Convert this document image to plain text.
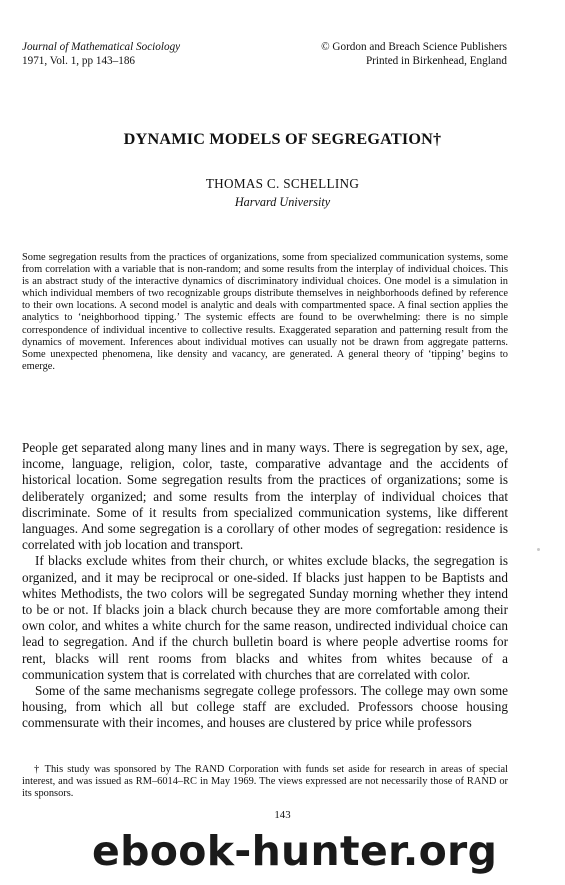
Journal of Mathematical Sociology
1971, Vol. 1, pp 143–186
© Gordon and Breach Science Publishers
Printed in Birkenhead, England
DYNAMIC MODELS OF SEGREGATION†
THOMAS C. SCHELLING
Harvard University

Some segregation results from the practices of organizations, some from specialized communication systems, some from correlation with a variable that is non-random; and some results from the interplay of individual choices. This is an abstract study of the interactive dynamics of discriminatory individual choices. One model is a simulation in which individual members of two recognizable groups distribute themselves in neighborhoods defined by reference to their own locations. A second model is analytic and deals with compartmented space. A final section applies the analytics to ‘neighborhood tipping.’ The systemic effects are found to be overwhelming: there is no simple correspondence of individual incentive to collective results. Exaggerated separation and patterning result from the dynamics of movement. Inferences about individual motives can usually not be drawn from aggregate patterns. Some unexpected phenomena, like density and vacancy, are generated. A general theory of ‘tipping’ begins to emerge.

People get separated along many lines and in many ways. There is segregation by sex, age, income, language, religion, color, taste, comparative advantage and the accidents of historical location. Some segregation results from the practices of organizations; some is deliberately organized; and some results from the interplay of individual choices that discriminate. Some of it results from specialized communication systems, like different languages. And some segregation is a corollary of other modes of segregation: residence is correlated with job location and transport.

If blacks exclude whites from their church, or whites exclude blacks, the segregation is organized, and it may be reciprocal or one-sided. If blacks just happen to be Baptists and whites Methodists, the two colors will be segregated Sunday morning whether they intend to be or not. If blacks join a black church because they are more comfortable among their own color, and whites a white church for the same reason, undirected individual choice can lead to segregation. And if the church bulletin board is where people advertise rooms for rent, blacks will rent rooms from blacks and whites from whites because of a communication system that is correlated with churches that are correlated with color.

Some of the same mechanisms segregate college professors. The college may own some housing, from which all but college staff are excluded. Professors choose housing commensurate with their incomes, and houses are clustered by price while professors

† This study was sponsored by The RAND Corporation with funds set aside for research in areas of special interest, and was issued as RM–6014–RC in May 1969. The views expressed are not necessarily those of RAND or its sponsors.

143
ebook-hunter.org
